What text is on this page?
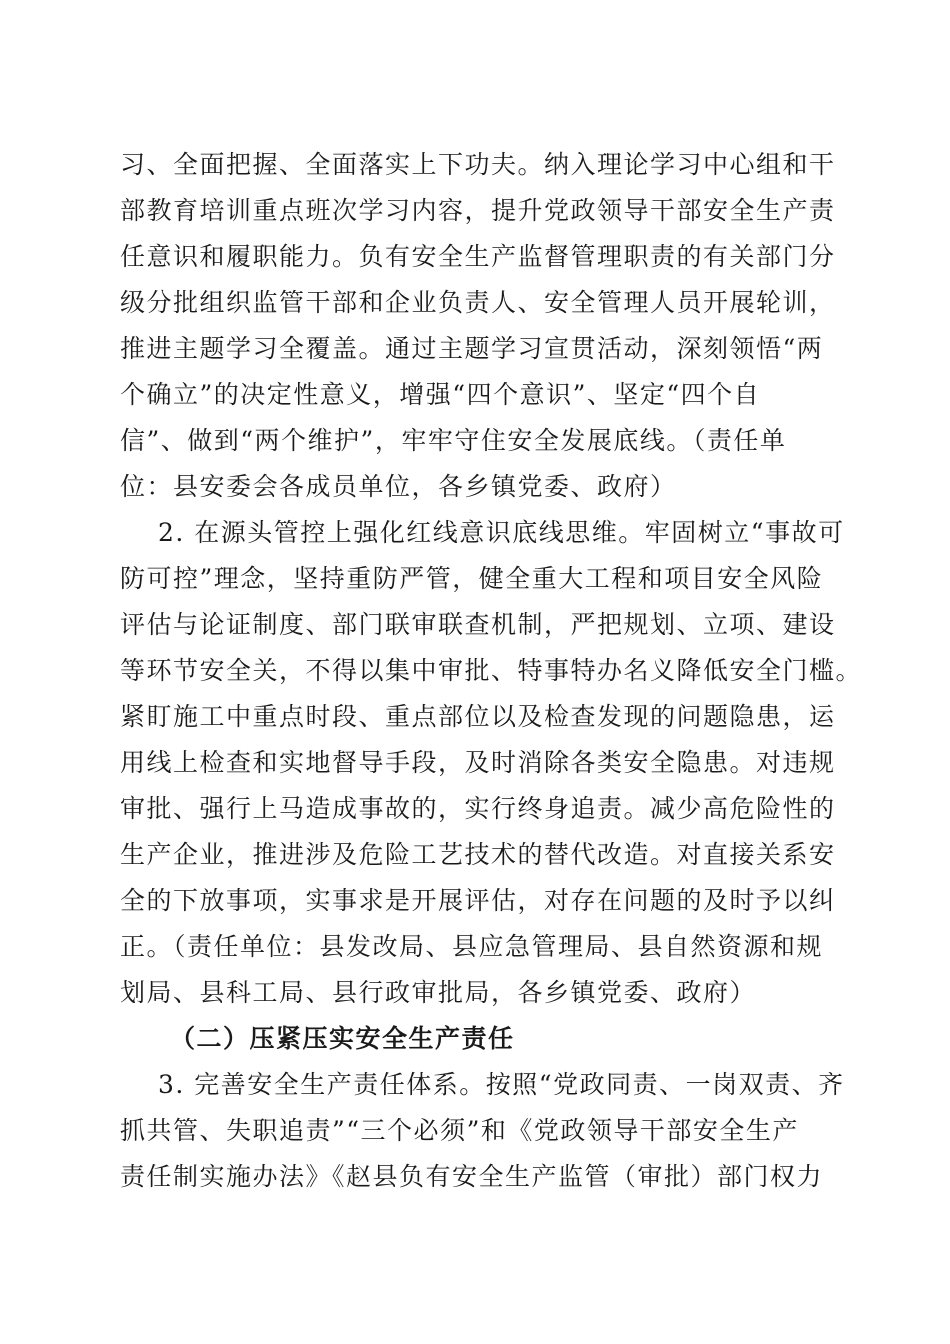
习、全面把握、全面落实上下功夫。纳入理论学习中心组和干
部教育培训重点班次学习内容，提升党政领导干部安全生产责
任意识和履职能力。负有安全生产监督管理职责的有关部门分
级分批组织监管干部和企业负责人、安全管理人员开展轮训，
推进主题学习全覆盖。通过主题学习宣贯活动，深刻领悟“两
个确立”的决定性意义，增强“四个意识”、坚定“四个自
信”、做到“两个维护”，牢牢守住安全发展底线。（责任单
位：县安委会各成员单位，各乡镇党委、政府）
2. 在源头管控上强化红线意识底线思维。牢固树立“事故可
防可控”理念，坚持重防严管，健全重大工程和项目安全风险
评估与论证制度、部门联审联查机制，严把规划、立项、建设
等环节安全关，不得以集中审批、特事特办名义降低安全门槛。
紧盯施工中重点时段、重点部位以及检查发现的问题隐患，运
用线上检查和实地督导手段，及时消除各类安全隐患。对违规
审批、强行上马造成事故的，实行终身追责。减少高危险性的
生产企业，推进涉及危险工艺技术的替代改造。对直接关系安
全的下放事项，实事求是开展评估，对存在问题的及时予以纠
正。（责任单位：县发改局、县应急管理局、县自然资源和规
划局、县科工局、县行政审批局，各乡镇党委、政府）
（二）压紧压实安全生产责任
3. 完善安全生产责任体系。按照“党政同责、一岗双责、齐
抓共管、失职追责”“三个必须”和《党政领导干部安全生产
责任制实施办法》《赵县负有安全生产监管（审批）部门权力
